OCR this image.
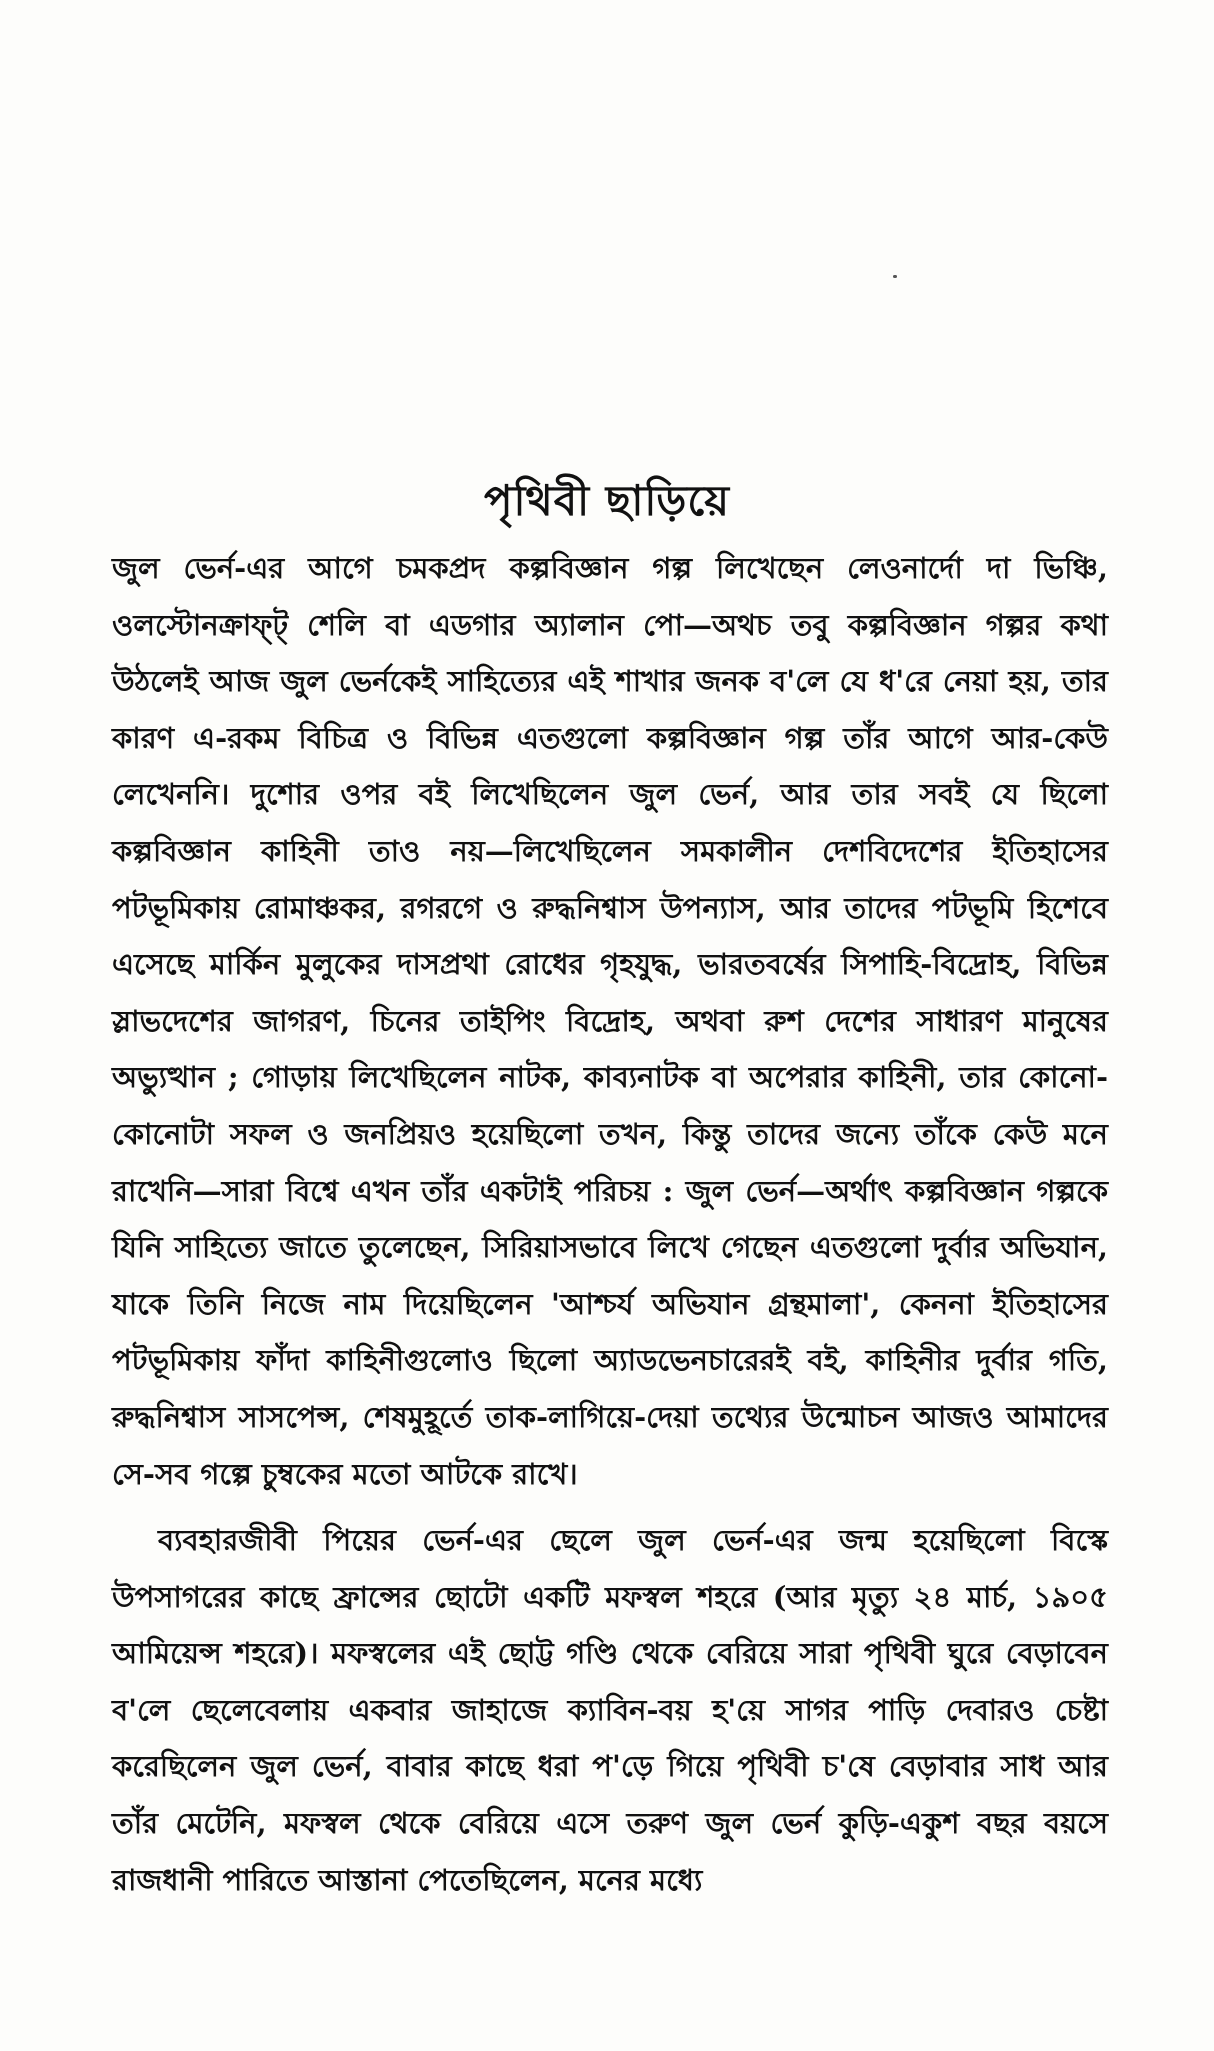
পৃথিবী ছাড়িয়ে

জুল ভের্ন-এর আগে চমকপ্রদ কল্পবিজ্ঞান গল্প লিখেছেন লেওনার্দো দা ভিঞ্চি, ওলস্টোনক্রাফ্‌ট্‌ শেলি বা এডগার অ্যালান পো—অথচ তবু কল্পবিজ্ঞান গল্পর কথা উঠলেই আজ জুল ভের্নকেই সাহিত্যের এই শাখার জনক ব'লে যে ধ'রে নেয়া হয়, তার কারণ এ-রকম বিচিত্র ও বিভিন্ন এতগুলো কল্পবিজ্ঞান গল্প তাঁর আগে আর-কেউ লেখেননি। দুশোর ওপর বই লিখেছিলেন জুল ভের্ন, আর তার সবই যে ছিলো কল্পবিজ্ঞান কাহিনী তাও নয়—লিখেছিলেন সমকালীন দেশবিদেশের ইতিহাসের পটভূমিকায় রোমাঞ্চকর, রগরগে ও রুদ্ধনিশ্বাস উপন্যাস, আর তাদের পটভূমি হিশেবে এসেছে মার্কিন মুলুকের দাসপ্রথা রোধের গৃহযুদ্ধ, ভারতবর্ষের সিপাহি-বিদ্রোহ, বিভিন্ন স্লাভদেশের জাগরণ, চিনের তাইপিং বিদ্রোহ, অথবা রুশ দেশের সাধারণ মানুষের অভ্যুত্থান ; গোড়ায় লিখেছিলেন নাটক, কাব্যনাটক বা অপেরার কাহিনী, তার কোনো-কোনোটা সফল ও জনপ্রিয়ও হয়েছিলো তখন, কিন্তু তাদের জন্যে তাঁকে কেউ মনে রাখেনি—সারা বিশ্বে এখন তাঁর একটাই পরিচয় : জুল ভের্ন—অর্থাৎ কল্পবিজ্ঞান গল্পকে যিনি সাহিত্যে জাতে তুলেছেন, সিরিয়াসভাবে লিখে গেছেন এতগুলো দুর্বার অভিযান, যাকে তিনি নিজে নাম দিয়েছিলেন 'আশ্চর্য অভিযান গ্রন্থমালা', কেননা ইতিহাসের পটভূমিকায় ফাঁদা কাহিনীগুলোও ছিলো অ্যাডভেনচারেরই বই, কাহিনীর দুর্বার গতি, রুদ্ধনিশ্বাস সাসপেন্স, শেষমুহূর্তে তাক-লাগিয়ে-দেয়া তথ্যের উন্মোচন আজও আমাদের সে-সব গল্পে চুম্বকের মতো আটকে রাখে।

ব্যবহারজীবী পিয়ের ভের্ন-এর ছেলে জুল ভের্ন-এর জন্ম হয়েছিলো বিস্কে উপসাগরের কাছে ফ্রান্সের ছোটো একটি মফস্বল শহরে (আর মৃত্যু ২৪ মার্চ, ১৯০৫ আমিয়েন্স শহরে)। মফস্বলের এই ছোট্ট গণ্ডি থেকে বেরিয়ে সারা পৃথিবী ঘুরে বেড়াবেন ব'লে ছেলেবেলায় একবার জাহাজে ক্যাবিন-বয় হ'য়ে সাগর পাড়ি দেবারও চেষ্টা করেছিলেন জুল ভের্ন, বাবার কাছে ধরা প'ড়ে গিয়ে পৃথিবী চ'ষে বেড়াবার সাধ আর তাঁর মেটেনি, মফস্বল থেকে বেরিয়ে এসে তরুণ জুল ভের্ন কুড়ি-একুশ বছর বয়সে রাজধানী পারিতে আস্তানা পেতেছিলেন, মনের মধ্যে
